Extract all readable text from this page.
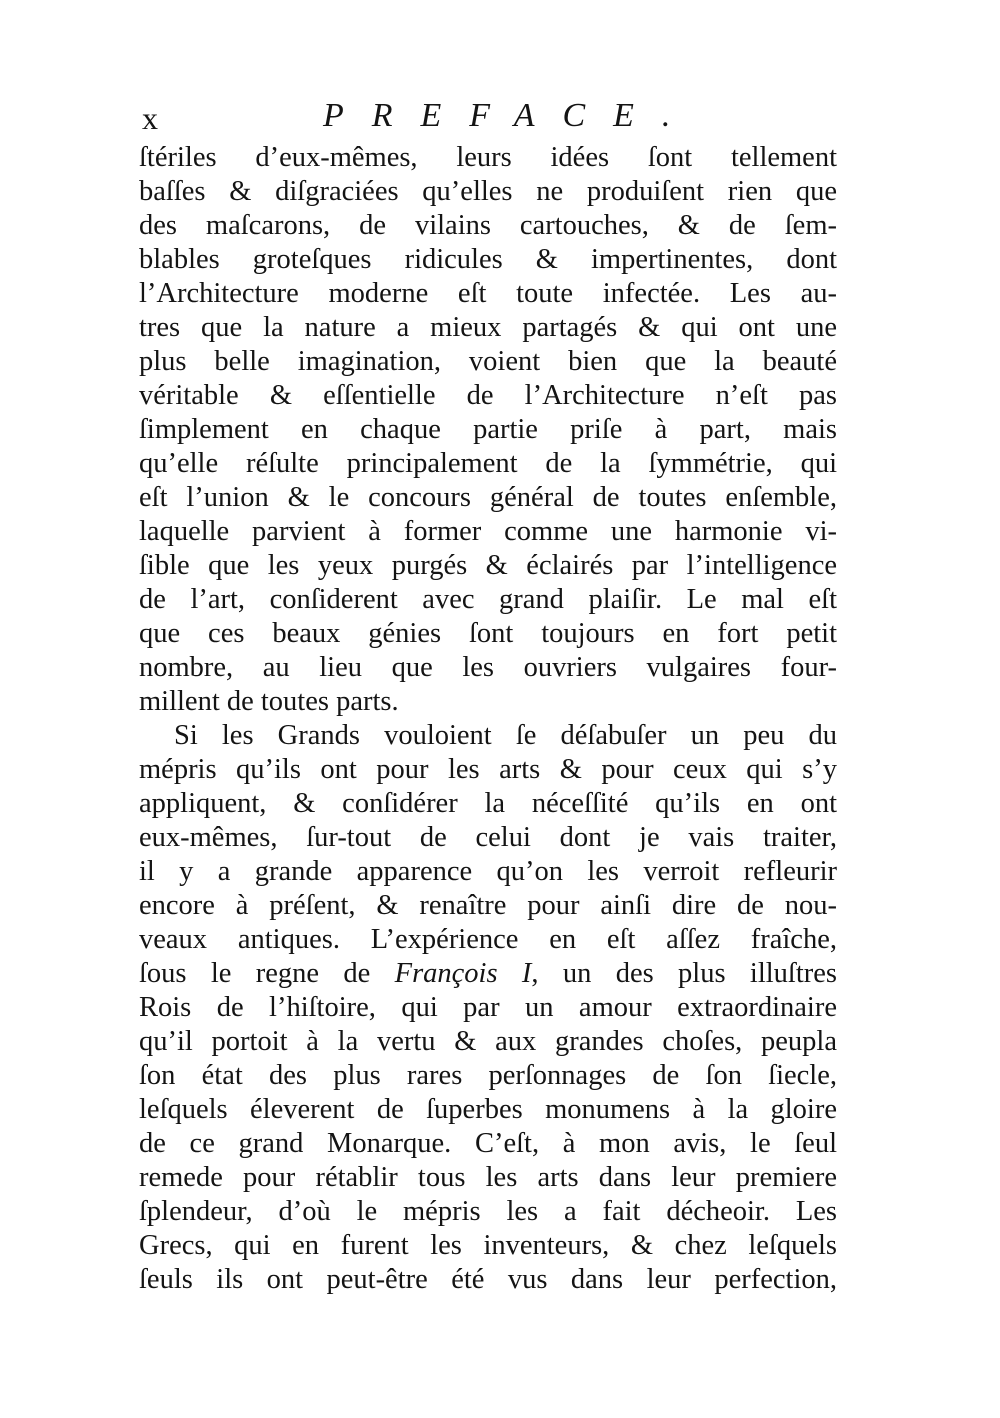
x	PREFACE.
ſtériles d’eux-mêmes, leurs idées ſont tellement
baſſes & diſgraciées qu’elles ne produiſent rien que
des maſcarons, de vilains cartouches, & de ſem-
blables groteſques ridicules & impertinentes, dont
l’Architecture moderne eſt toute infectée. Les au-
tres que la nature a mieux partagés & qui ont une
plus belle imagination, voient bien que la beauté
véritable & eſſentielle de l’Architecture n’eſt pas
ſimplement en chaque partie priſe à part, mais
qu’elle réſulte principalement de la ſymmétrie, qui
eſt l’union & le concours général de toutes enſemble,
laquelle parvient à former comme une harmonie vi-
ſible que les yeux purgés & éclairés par l’intelligence
de l’art, conſiderent avec grand plaiſir. Le mal eſt
que ces beaux génies ſont toujours en fort petit
nombre, au lieu que les ouvriers vulgaires four-
millent de toutes parts.
Si les Grands vouloient ſe déſabuſer un peu du
mépris qu’ils ont pour les arts & pour ceux qui s’y
appliquent, & conſidérer la néceſſité qu’ils en ont
eux-mêmes, ſur-tout de celui dont je vais traiter,
il y a grande apparence qu’on les verroit refleurir
encore à préſent, & renaître pour ainſi dire de nou-
veaux antiques. L’expérience en eſt aſſez fraîche,
ſous le regne de François I, un des plus illuſtres
Rois de l’hiſtoire, qui par un amour extraordinaire
qu’il portoit à la vertu & aux grandes choſes, peupla
ſon état des plus rares perſonnages de ſon ſiecle,
leſquels éleverent de ſuperbes monumens à la gloire
de ce grand Monarque. C’eſt, à mon avis, le ſeul
remede pour rétablir tous les arts dans leur premiere
ſplendeur, d’où le mépris les a fait décheoir. Les
Grecs, qui en furent les inventeurs, & chez leſquels
ſeuls ils ont peut-être été vus dans leur perfection,
